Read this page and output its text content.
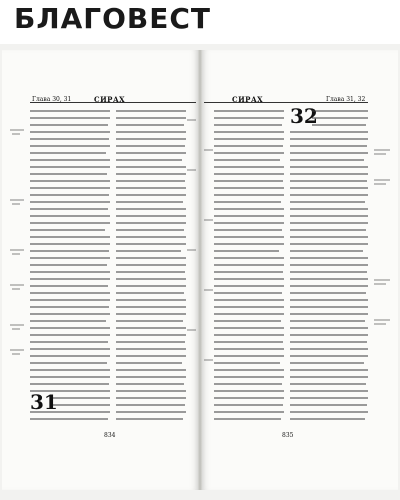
БЛАГОВЕСТ
Глава 30, 31	СИРАХ	СИРАХ	Глава 31, 32
31
32
834	835
